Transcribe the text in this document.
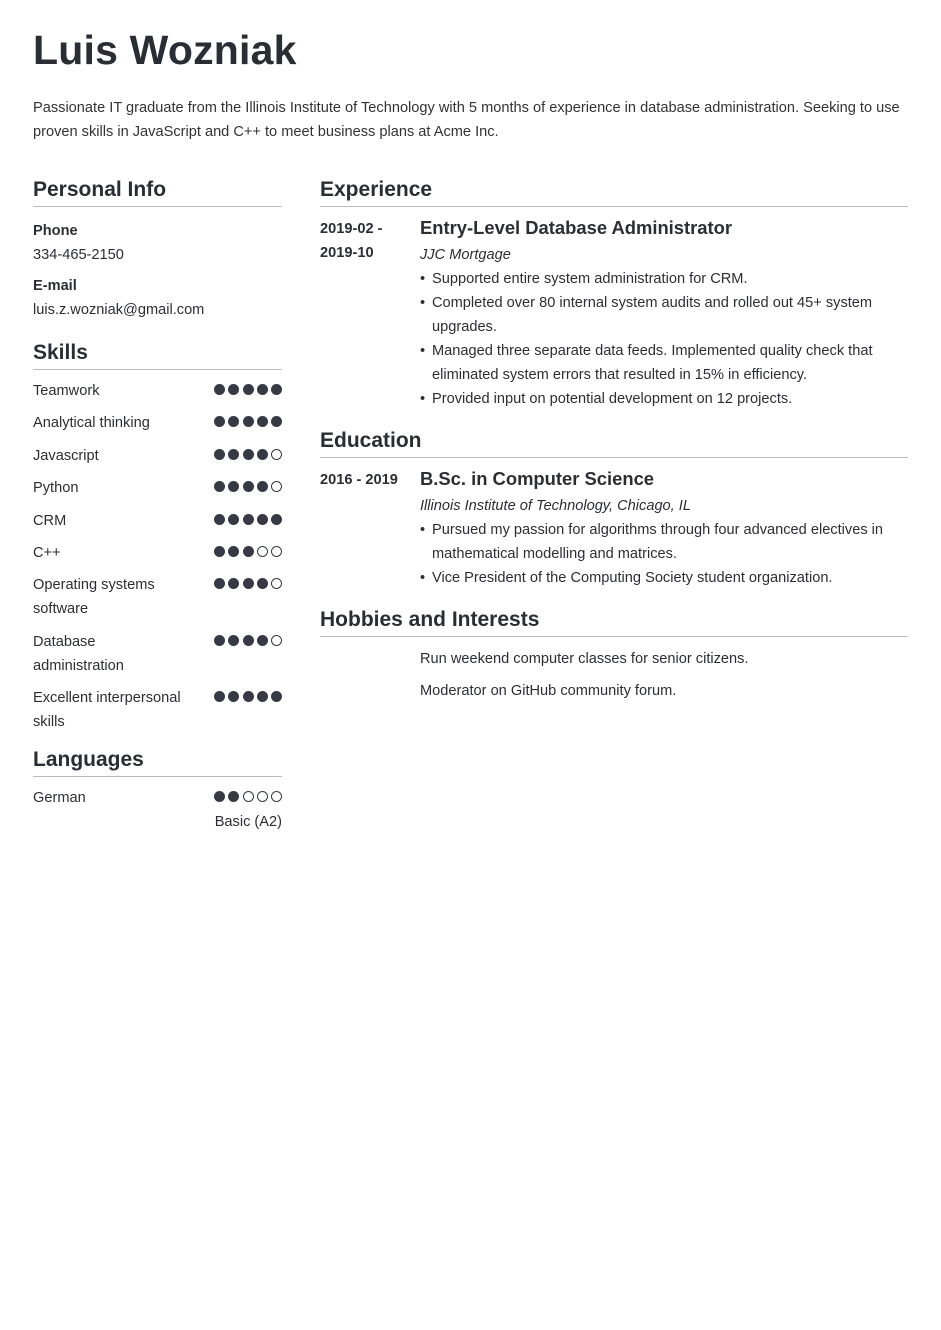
Luis Wozniak

Passionate IT graduate from the Illinois Institute of Technology with 5 months of experience in database administration. Seeking to use proven skills in JavaScript and C++ to meet business plans at Acme Inc.

Personal Info
Phone
334-465-2150
E-mail
luis.z.wozniak@gmail.com
Skills
Teamwork
Analytical thinking
Javascript
Python
CRM
C++
Operating systems software
Database administration
Excellent interpersonal skills
Languages
German
Basic (A2)
Experience
2019-02 - 2019-10
Entry-Level Database Administrator
JJC Mortgage
• Supported entire system administration for CRM.
• Completed over 80 internal system audits and rolled out 45+ system upgrades.
• Managed three separate data feeds. Implemented quality check that eliminated system errors that resulted in 15% in efficiency.
• Provided input on potential development on 12 projects.
Education
2016 - 2019	B.Sc. in Computer Science
Illinois Institute of Technology, Chicago, IL
• Pursued my passion for algorithms through four advanced electives in mathematical modelling and matrices.
• Vice President of the Computing Society student organization.
Hobbies and Interests
Run weekend computer classes for senior citizens.
Moderator on GitHub community forum.
